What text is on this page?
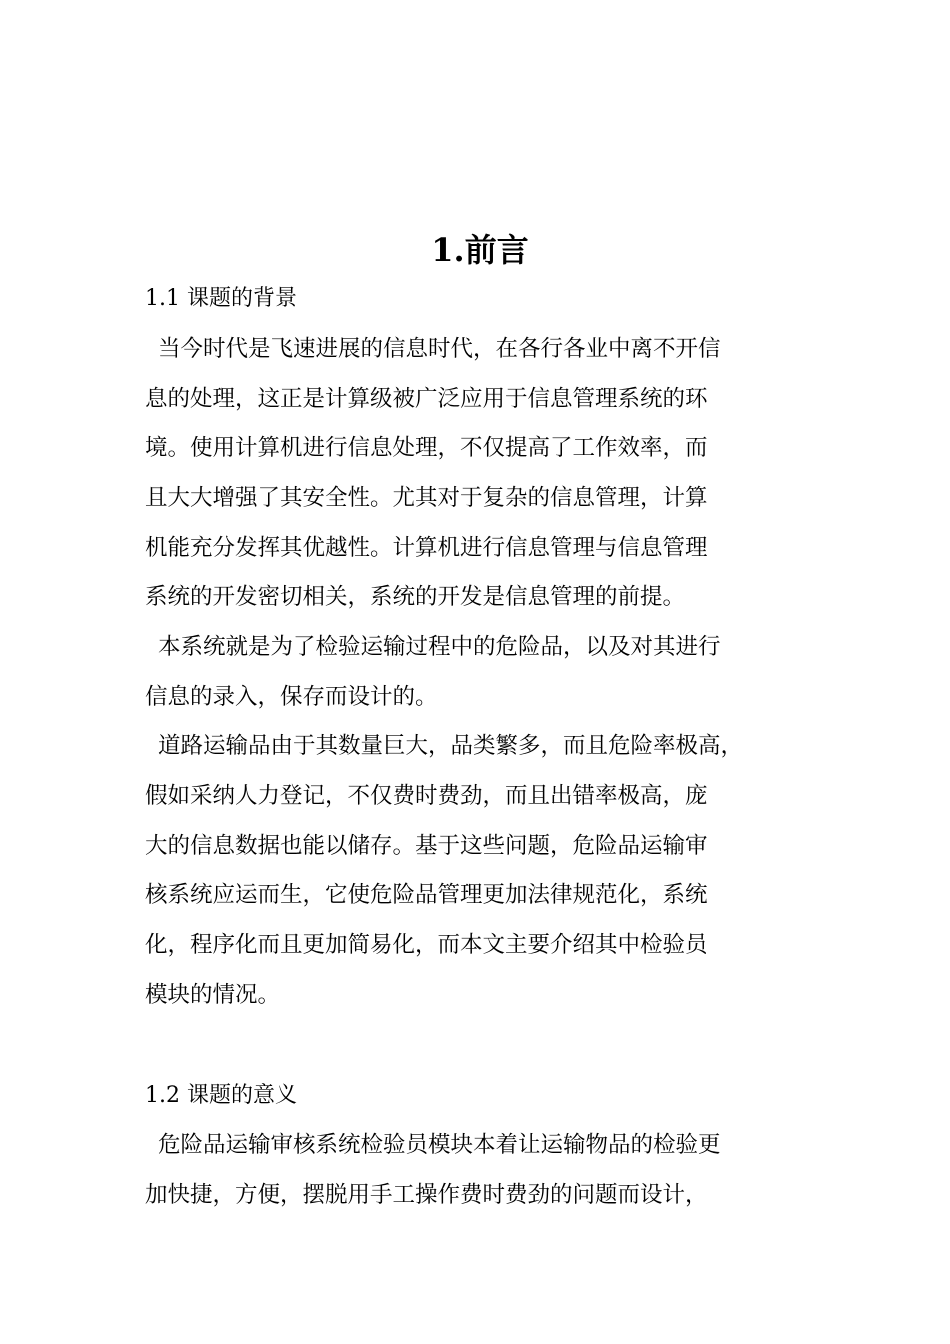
1.前言
1.1 课题的背景
当今时代是飞速进展的信息时代，在各行各业中离不开信
息的处理，这正是计算级被广泛应用于信息管理系统的环
境。使用计算机进行信息处理，不仅提高了工作效率，而
且大大增强了其安全性。尤其对于复杂的信息管理，计算
机能充分发挥其优越性。计算机进行信息管理与信息管理
系统的开发密切相关，系统的开发是信息管理的前提。
本系统就是为了检验运输过程中的危险品，以及对其进行
信息的录入，保存而设计的。
道路运输品由于其数量巨大，品类繁多，而且危险率极高，
假如采纳人力登记，不仅费时费劲，而且出错率极高，庞
大的信息数据也能以储存。基于这些问题，危险品运输审
核系统应运而生，它使危险品管理更加法律规范化，系统
化，程序化而且更加简易化，而本文主要介绍其中检验员
模块的情况。
1.2 课题的意义
危险品运输审核系统检验员模块本着让运输物品的检验更
加快捷，方便，摆脱用手工操作费时费劲的问题而设计，
